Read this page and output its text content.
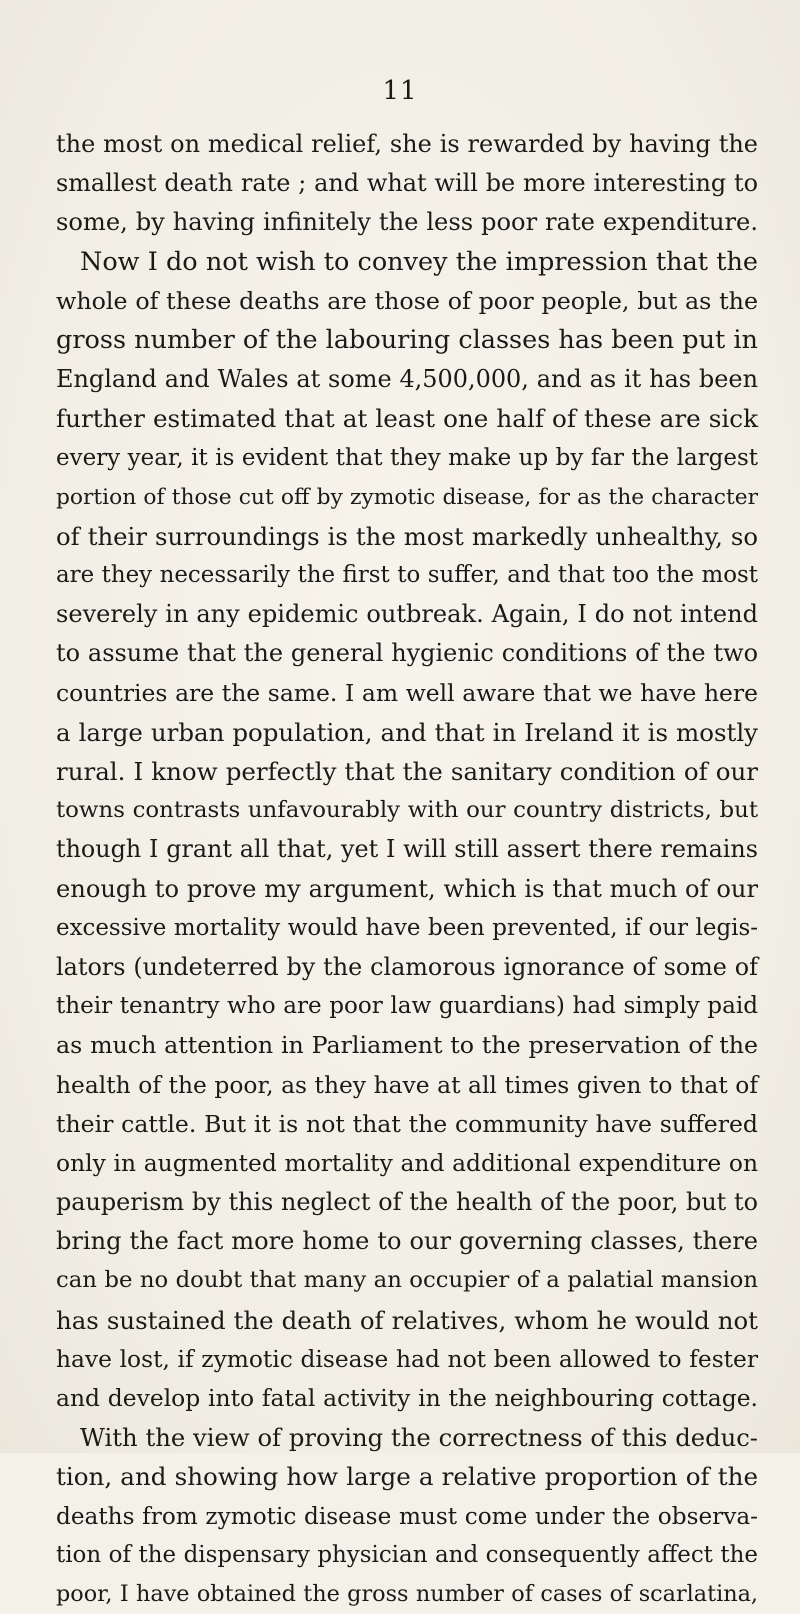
11
the most on medical relief, she is rewarded by having the
smallest death rate ; and what will be more interesting to
some, by having infinitely the less poor rate expenditure.
Now I do not wish to convey the impression that the
whole of these deaths are those of poor people, but as the
gross number of the labouring classes has been put in
England and Wales at some 4,500,000, and as it has been
further estimated that at least one half of these are sick
every year, it is evident that they make up by far the largest
portion of those cut off by zymotic disease, for as the character
of their surroundings is the most markedly unhealthy, so
are they necessarily the first to suffer, and that too the most
severely in any epidemic outbreak. Again, I do not intend
to assume that the general hygienic conditions of the two
countries are the same. I am well aware that we have here
a large urban population, and that in Ireland it is mostly
rural. I know perfectly that the sanitary condition of our
towns contrasts unfavourably with our country districts, but
though I grant all that, yet I will still assert there remains
enough to prove my argument, which is that much of our
excessive mortality would have been prevented, if our legis-
lators (undeterred by the clamorous ignorance of some of
their tenantry who are poor law guardians) had simply paid
as much attention in Parliament to the preservation of the
health of the poor, as they have at all times given to that of
their cattle. But it is not that the community have suffered
only in augmented mortality and additional expenditure on
pauperism by this neglect of the health of the poor, but to
bring the fact more home to our governing classes, there
can be no doubt that many an occupier of a palatial mansion
has sustained the death of relatives, whom he would not
have lost, if zymotic disease had not been allowed to fester
and develop into fatal activity in the neighbouring cottage.
With the view of proving the correctness of this deduc-
tion, and showing how large a relative proportion of the
deaths from zymotic disease must come under the observa-
tion of the dispensary physician and consequently affect the
poor, I have obtained the gross number of cases of scarlatina,
